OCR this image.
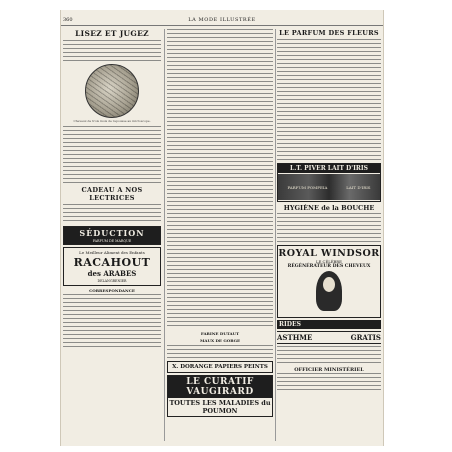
360	LA MODE ILLUSTRÉE
LISEZ ET JUGEZ
Cheveux de trois mois de repousse au microscope.
CADEAU A NOS LECTRICES
SÉDUCTION
PARFUM DE MARQUE
Le Meilleur Aliment des Enfants
RACAHOUT
des ARABES
DELANGRENIER
CORRESPONDANCE
FARINE DUTAUT
MAUX DE GORGE
X. DORANGE PAPIERS PEINTS
LE CURATIF VAUGIRARD
TOUTES LES MALADIES du POUMON
LE PARFUM DES FLEURS
L.T. PIVER LAIT D'IRIS
PARFUM POMPEIA	LAIT D'IRIS
HYGIÈNE de la BOUCHE
ROYAL WINDSOR
LE CÉLÈBRE
RÉGÉNÉRATEUR DES CHEVEUX
RIDES
ASTHME	GRATIS
OFFICIER MINISTÉRIEL
